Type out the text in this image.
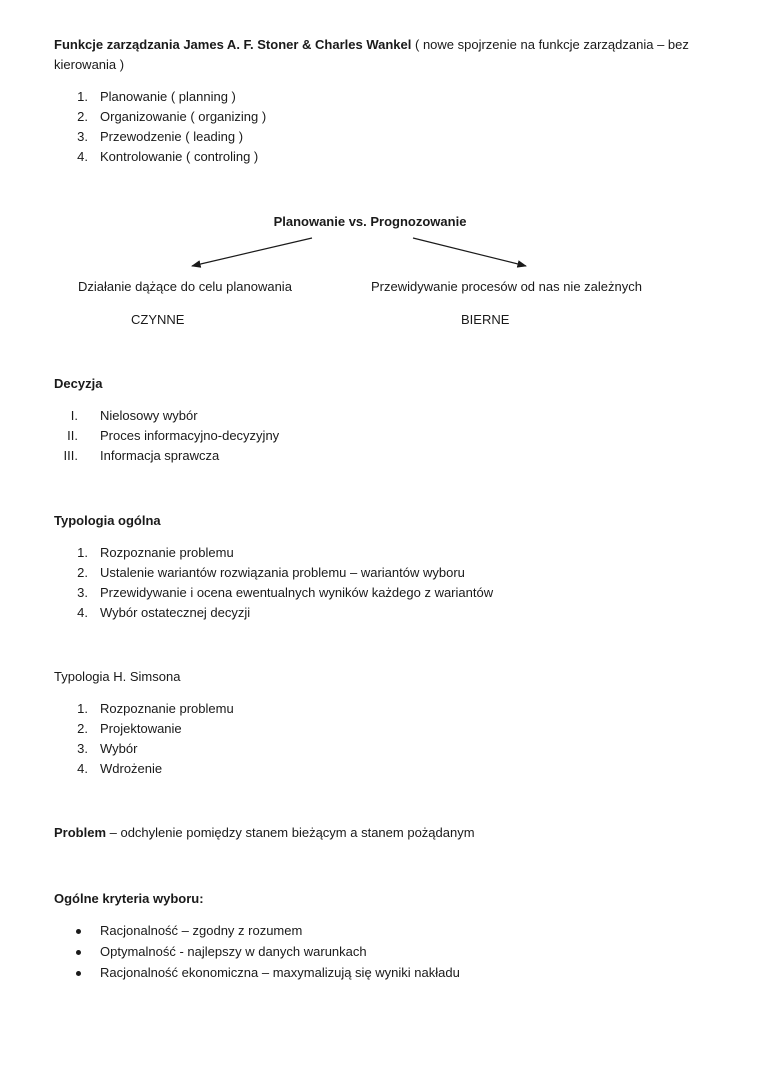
Funkcje zarządzania James A. F. Stoner & Charles Wankel ( nowe spojrzenie na funkcje zarządzania – bez
kierowania )
1. Planowanie ( planning )
2. Organizowanie ( organizing )
3. Przewodzenie ( leading )
4. Kontrolowanie ( controling )
Planowanie vs. Prognozowanie
Działanie dążące do celu planowania	Przewidywanie procesów od nas nie zależnych
CZYNNE	BIERNE
Decyzja
I. Nielosowy wybór
II. Proces informacyjno-decyzyjny
III. Informacja sprawcza
Typologia ogólna
1. Rozpoznanie problemu
2. Ustalenie wariantów rozwiązania problemu – wariantów wyboru
3. Przewidywanie i ocena ewentualnych wyników każdego z wariantów
4. Wybór ostatecznej decyzji
Typologia H. Simsona
1. Rozpoznanie problemu
2. Projektowanie
3. Wybór
4. Wdrożenie
Problem – odchylenie pomiędzy stanem bieżącym a stanem pożądanym
Ogólne kryteria wyboru:
Racjonalność – zgodny z rozumem
Optymalność - najlepszy w danych warunkach
Racjonalność ekonomiczna – maxymalizują się wyniki nakładu
